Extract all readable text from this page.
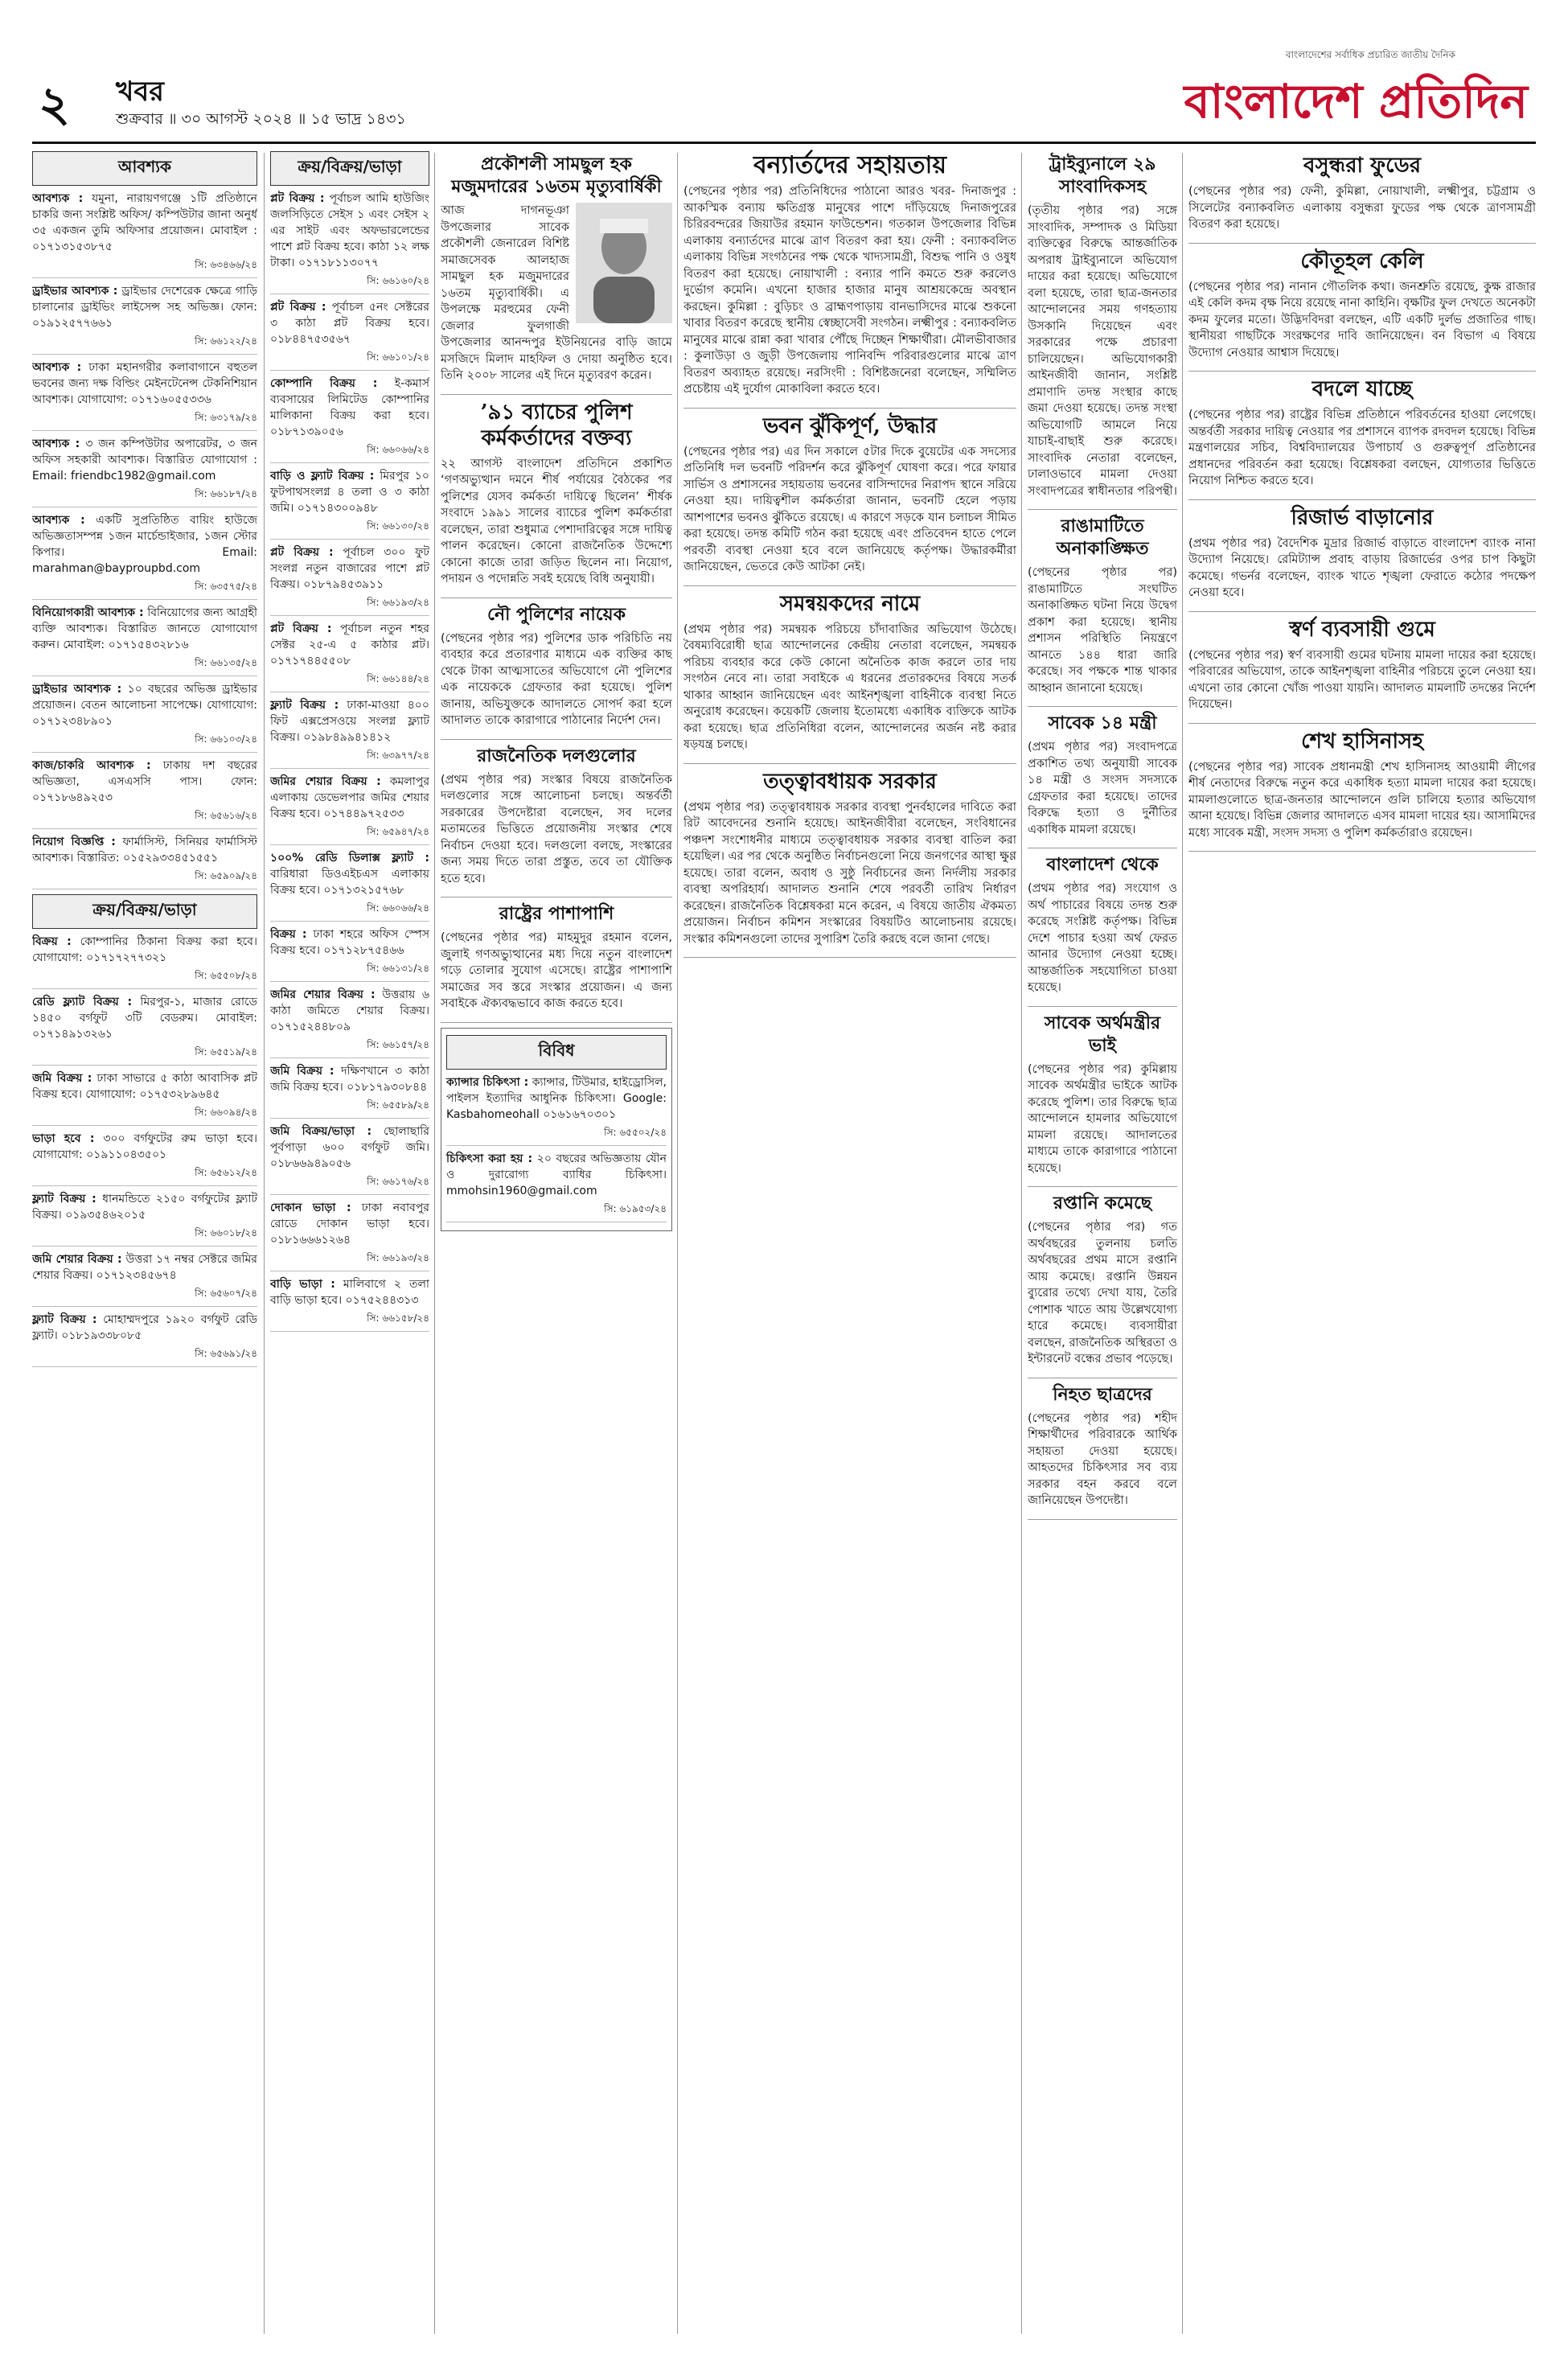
২ খবর
শুক্রবার ॥ ৩০ আগস্ট ২০২৪ ॥ ১৫ ভাদ্র ১৪৩১
বাংলাদেশের সর্বাধিক প্রচারিত জাতীয় দৈনিক
বাংলাদেশ প্রতিদিন
আবশ্যক

আবশ্যক : যমুনা, নারায়ণগঞ্জে ১টি প্রতিষ্ঠানে চাকরি জন্য সংশ্লিষ্ট অফিস/ কম্পিউটার জানা অনুর্ধ ৩৫ একজন তুমি অফিসার প্রয়োজন। মোবাইল : ০১৭১৩১৫৩৮৭৫

সি: ৬৩৪৬৬/২৪

ড্রাইভার আবশ্যক : ড্রাইভার দেশেরেক ক্ষেত্রে গাড়ি চালানোর ড্রাইভিং লাইসেন্স সহ অভিজ্ঞ। ফোন: ০১৯১২৫৭৭৬৬১

সি: ৬৬১২২/২৪

আবশ্যক : ঢাকা মহানগরীর কলাবাগানে বহুতল ভবনের জন্য দক্ষ বিল্ডিং মেইনটেনেন্স টেকনিশিয়ান আবশ্যক। যোগাযোগ: ০১৭১৬০৫৫৩৩৬

সি: ৬৩১৭৯/২৪

আবশ্যক : ৩ জন কম্পিউটার অপারেটর, ৩ জন অফিস সহকারী আবশ্যক। বিস্তারিত যোগাযোগ : Email: friendbc1982@gmail.com

সি: ৬৬১৮৭/২৪

আবশ্যক : একটি সুপ্রতিষ্ঠিত বায়িং হাউজে অভিজ্ঞতাসম্পন্ন ১জন মার্চেন্ডাইজার, ১জন স্টোর কিপার। Email: marahman@bayproupbd.com

সি: ৬৩৫৭৫/২৪

বিনিয়োগকারী আবশ্যক : বিনিয়োগের জন্য আগ্রহী ব্যক্তি আবশ্যক। বিস্তারিত জানতে যোগাযোগ করুন। মোবাইল: ০১৭১৫৪৩২৮১৬

সি: ৬৬১৩৫/২৪

ড্রাইভার আবশ্যক : ১০ বছরের অভিজ্ঞ ড্রাইভার প্রয়োজন। বেতন আলোচনা সাপেক্ষে। যোগাযোগ: ০১৭১২৩৪৮৯০১

সি: ৬৬১০৩/২৪

কাজ/চাকরি আবশ্যক : ঢাকায় দশ বছরের অভিজ্ঞতা, এসএসসি পাস। ফোন: ০১৭১৮৬৪৯২৫৩

সি: ৬৫৬১৬/২৪

নিয়োগ বিজ্ঞপ্তি : ফার্মাসিস্ট, সিনিয়র ফার্মাসিস্ট আবশ্যক। বিস্তারিত: ০১৫২৯৩৩৪৫১৫৫১

সি: ৬৫৯০৯/২৪
ক্রয়/বিক্রয়/ভাড়া

বিক্রয় : কোম্পানির ঠিকানা বিক্রয় করা হবে। যোগাযোগ: ০১৭১৭২৭৭৩২১

সি: ৬৫৫০৮/২৪

রেডি ফ্ল্যাট বিক্রয় : মিরপুর-১, মাজার রোডে ১৪৫০ বর্গফুট ৩টি বেডরুম। মোবাইল: ০১৭১৪৯১৩২৬১

সি: ৬৫৫১৯/২৪

জমি বিক্রয় : ঢাকা সাভারে ৫ কাঠা আবাসিক প্লট বিক্রয় হবে। যোগাযোগ: ০১৭৫৩২৮৯৬৪৫

সি: ৬৬০৯৪/২৪

ভাড়া হবে : ৩০০ বর্গফুটের রুম ভাড়া হবে। যোগাযোগ: ০১৯১১০৪৩৫০১

সি: ৬৫৬১২/২৪

ফ্ল্যাট বিক্রয় : ধানমন্ডিতে ২১৫০ বর্গফুটের ফ্ল্যাট বিক্রয়। ০১৯৩৫৪৬২০১৫

সি: ৬৬০১৮/২৪

জমি শেয়ার বিক্রয় : উত্তরা ১৭ নম্বর সেক্টরে জমির শেয়ার বিক্রয়। ০১৭১২৩৪৫৬৭৪

সি: ৬৫৬০৭/২৪

ফ্ল্যাট বিক্রয় : মোহাম্মদপুরে ১৯২০ বর্গফুট রেডি ফ্ল্যাট। ০১৮১৯৩৩৮০৮৫

সি: ৬৫৬৯১/২৪
ক্রয়/বিক্রয়/ভাড়া

প্লট বিক্রয় : পূর্বাচল আমি হাউজিং জলসিড়িতে সেইস ১ এবং সেইস ২ এর সাইট এবং অফভারলেন্ডের পাশে প্লট বিক্রয় হবে। কাঠা ১২ লক্ষ টাকা। ০১৭১৮১১৩০৭৭

সি: ৬৬১৬০/২৪

প্লট বিক্রয় : পূর্বাচল ৫নং সেক্টরের ৩ কাঠা প্লট বিক্রয় হবে। ০১৮৪৪৭৫৩৫৬৭

সি: ৬৬১০১/২৪

কোম্পানি বিক্রয় : ই-কমার্স ব্যবসায়ের লিমিটেড কোম্পানির মালিকানা বিক্রয় করা হবে। ০১৮৭১৩৯০৫৬

সি: ৬৬০৬৬/২৪

বাড়ি ও ফ্ল্যাট বিক্রয় : মিরপুর ১০ ফুটপাথসংলগ্ন ৪ তলা ও ৩ কাঠা জমি। ০১৭১৪৩০০৯৪৮

সি: ৬৬১৩০/২৪

প্লট বিক্রয় : পূর্বাচল ৩০০ ফুট সংলগ্ন নতুন বাজারের পাশে প্লট বিক্রয়। ০১৮৭৯৪৫৩৯১১

সি: ৬৬১৯৩/২৪

প্লট বিক্রয় : পূর্বাচল নতুন শহর সেক্টর ২৫-এ ৫ কাঠার প্লট। ০১৭১৭৪৪৫৫০৮

সি: ৬৬১৪৪/২৪

ফ্ল্যাট বিক্রয় : ঢাকা-মাওয়া ৪০০ ফিট এক্সপ্রেসওয়ে সংলগ্ন ফ্ল্যাট বিক্রয়। ০১৯৮৪৯৯৪১৪১২

সি: ৬৩৯৭৭/২৪

জমির শেয়ার বিক্রয় : কমলাপুর এলাকায় ডেভেলপার জমির শেয়ার বিক্রয় হবে। ০১৭৪৪৯৭২৫৩৩

সি: ৬৫৯৪৭/২৪

১০০% রেডি ডিলাক্স ফ্ল্যাট : বারিধারা ডিওএইচএস এলাকায় বিক্রয় হবে। ০১৭১৩২১৫৭৬৮

সি: ৬৬০৬৬/২৪

বিক্রয় : ঢাকা শহরে অফিস স্পেস বিক্রয় হবে। ০১৭১২৮৭৫৪৬৬

সি: ৬৬১৩১/২৪

জমির শেয়ার বিক্রয় : উত্তরায় ৬ কাঠা জমিতে শেয়ার বিক্রয়। ০১৭১৫২৪৪৮০৯

সি: ৬৬১৫৭/২৪

জমি বিক্রয় : দক্ষিণখানে ৩ কাঠা জমি বিক্রয় হবে। ০১৮১৭৯৩০৮৪৪

সি: ৬৫৫৮৯/২৪

জমি বিক্রয়/ভাড়া : ছোলাছারি পূর্বপাড়া ৬০০ বর্গফুট জমি। ০১৮৬৬৯৪৯০৫৬

সি: ৬৬১৭৬/২৪

দোকান ভাড়া : ঢাকা নবাবপুর রোডে দোকান ভাড়া হবে। ০১৮১৬৬৬১২৬৪

সি: ৬৬১৯৩/২৪

বাড়ি ভাড়া : মালিবাগে ২ তলা বাড়ি ভাড়া হবে। ০১৭৫২৪৪৩১৩

সি: ৬৬১৫৮/২৪
প্রকৌশলী সামছুল হক মজুমদারের ১৬তম মৃত্যুবার্ষিকী

আজ দাগনভূঞা উপজেলার সাবেক প্রকৌশলী জেনারেল বিশিষ্ট সমাজসেবক আলহাজ সামছুল হক মজুমদারের ১৬তম মৃত্যুবার্ষিকী। এ উপলক্ষে মরহুমের ফেনী জেলার ফুলগাজী উপজেলার আনন্দপুর ইউনিয়নের বাড়ি জামে মসজিদে মিলাদ মাহফিল ও দোয়া অনুষ্ঠিত হবে। তিনি ২০০৮ সালের এই দিনে মৃত্যুবরণ করেন।

’৯১ ব্যাচের পুলিশ কর্মকর্তাদের বক্তব্য

২২ আগস্ট বাংলাদেশ প্রতিদিনে প্রকাশিত ‘গণঅভ্যুত্থান দমনে শীর্ষ পর্যায়ের বৈঠকের পর পুলিশের যেসব কর্মকর্তা দায়িত্বে ছিলেন’ শীর্ষক সংবাদে ১৯৯১ সালের ব্যাচের পুলিশ কর্মকর্তারা বলেছেন, তারা শুধুমাত্র পেশাদারিত্বের সঙ্গে দায়িত্ব পালন করেছেন। কোনো রাজনৈতিক উদ্দেশ্যে কোনো কাজে তারা জড়িত ছিলেন না। নিয়োগ, পদায়ন ও পদোন্নতি সবই হয়েছে বিধি অনুযায়ী।

নৌ পুলিশের নায়েক

(পেছনের পৃষ্ঠার পর) পুলিশের ডাক পরিচিতি নয় ব্যবহার করে প্রতারণার মাধ্যমে এক ব্যক্তির কাছ থেকে টাকা আত্মসাতের অভিযোগে নৌ পুলিশের এক নায়েককে গ্রেফতার করা হয়েছে। পুলিশ জানায়, অভিযুক্তকে আদালতে সোপর্দ করা হলে আদালত তাকে কারাগারে পাঠানোর নির্দেশ দেন।

রাজনৈতিক দলগুলোর

(প্রথম পৃষ্ঠার পর) সংস্কার বিষয়ে রাজনৈতিক দলগুলোর সঙ্গে আলোচনা চলছে। অন্তর্বর্তী সরকারের উপদেষ্টারা বলেছেন, সব দলের মতামতের ভিত্তিতে প্রয়োজনীয় সংস্কার শেষে নির্বাচন দেওয়া হবে। দলগুলো বলছে, সংস্কারের জন্য সময় দিতে তারা প্রস্তুত, তবে তা যৌক্তিক হতে হবে।

রাষ্ট্রের পাশাপাশি

(পেছনের পৃষ্ঠার পর) মাহমুদুর রহমান বলেন, জুলাই গণঅভ্যুত্থানের মধ্য দিয়ে নতুন বাংলাদেশ গড়ে তোলার সুযোগ এসেছে। রাষ্ট্রের পাশাপাশি সমাজের সব স্তরে সংস্কার প্রয়োজন। এ জন্য সবাইকে ঐক্যবদ্ধভাবে কাজ করতে হবে।

বিবিধ

ক্যান্সার চিকিৎসা : ক্যান্সার, টিউমার, হাইড্রোসিল, পাইলস ইত্যাদির আধুনিক চিকিৎসা। Google: Kasbahomeohall ০১৬১৬৭০৩০১

সি: ৬৫৫০২/২৪

চিকিৎসা করা হয় : ২০ বছরের অভিজ্ঞতায় যৌন ও দুরারোগ্য ব্যাধির চিকিৎসা। mmohsin1960@gmail.com

সি: ৬১৯৫৩/২৪
বন্যার্তদের সহায়তায়

(পেছনের পৃষ্ঠার পর) প্রতিনিধিদের পাঠানো আরও খবর- দিনাজপুর : আকস্মিক বন্যায় ক্ষতিগ্রস্ত মানুষের পাশে দাঁড়িয়েছে দিনাজপুরের চিরিরবন্দরের জিয়াউর রহমান ফাউন্ডেশন। গতকাল উপজেলার বিভিন্ন এলাকায় বন্যার্তদের মাঝে ত্রাণ বিতরণ করা হয়। ফেনী : বন্যাকবলিত এলাকায় বিভিন্ন সংগঠনের পক্ষ থেকে খাদ্যসামগ্রী, বিশুদ্ধ পানি ও ওষুধ বিতরণ করা হয়েছে। নোয়াখালী : বন্যার পানি কমতে শুরু করলেও দুর্ভোগ কমেনি। এখনো হাজার হাজার মানুষ আশ্রয়কেন্দ্রে অবস্থান করছেন। কুমিল্লা : বুড়িচং ও ব্রাহ্মণপাড়ায় বানভাসিদের মাঝে শুকনো খাবার বিতরণ করেছে স্থানীয় স্বেচ্ছাসেবী সংগঠন। লক্ষ্মীপুর : বন্যাকবলিত মানুষের মাঝে রান্না করা খাবার পৌঁছে দিচ্ছেন শিক্ষার্থীরা। মৌলভীবাজার : কুলাউড়া ও জুড়ী উপজেলায় পানিবন্দি পরিবারগুলোর মাঝে ত্রাণ বিতরণ অব্যাহত রয়েছে। নরসিংদী : বিশিষ্টজনেরা বলেছেন, সম্মিলিত প্রচেষ্টায় এই দুর্যোগ মোকাবিলা করতে হবে।

ভবন ঝুঁকিপূর্ণ, উদ্ধার

(পেছনের পৃষ্ঠার পর) এর দিন সকালে ৫টার দিকে বুয়েটের এক সদস্যের প্রতিনিধি দল ভবনটি পরিদর্শন করে ঝুঁকিপূর্ণ ঘোষণা করে। পরে ফায়ার সার্ভিস ও প্রশাসনের সহায়তায় ভবনের বাসিন্দাদের নিরাপদ স্থানে সরিয়ে নেওয়া হয়। দায়িত্বশীল কর্মকর্তারা জানান, ভবনটি হেলে পড়ায় আশপাশের ভবনও ঝুঁকিতে রয়েছে। এ কারণে সড়কে যান চলাচল সীমিত করা হয়েছে। তদন্ত কমিটি গঠন করা হয়েছে এবং প্রতিবেদন হাতে পেলে পরবর্তী ব্যবস্থা নেওয়া হবে বলে জানিয়েছে কর্তৃপক্ষ। উদ্ধারকর্মীরা জানিয়েছেন, ভেতরে কেউ আটকা নেই।

সমন্বয়কদের নামে

(প্রথম পৃষ্ঠার পর) সমন্বয়ক পরিচয়ে চাঁদাবাজির অভিযোগ উঠেছে। বৈষম্যবিরোধী ছাত্র আন্দোলনের কেন্দ্রীয় নেতারা বলেছেন, সমন্বয়ক পরিচয় ব্যবহার করে কেউ কোনো অনৈতিক কাজ করলে তার দায় সংগঠন নেবে না। তারা সবাইকে এ ধরনের প্রতারকদের বিষয়ে সতর্ক থাকার আহ্বান জানিয়েছেন এবং আইনশৃঙ্খলা বাহিনীকে ব্যবস্থা নিতে অনুরোধ করেছেন। কয়েকটি জেলায় ইতোমধ্যে একাধিক ব্যক্তিকে আটক করা হয়েছে। ছাত্র প্রতিনিধিরা বলেন, আন্দোলনের অর্জন নষ্ট করার ষড়যন্ত্র চলছে।

তত্ত্বাবধায়ক সরকার

(প্রথম পৃষ্ঠার পর) তত্ত্বাবধায়ক সরকার ব্যবস্থা পুনর্বহালের দাবিতে করা রিট আবেদনের শুনানি হয়েছে। আইনজীবীরা বলেছেন, সংবিধানের পঞ্চদশ সংশোধনীর মাধ্যমে তত্ত্বাবধায়ক সরকার ব্যবস্থা বাতিল করা হয়েছিল। এর পর থেকে অনুষ্ঠিত নির্বাচনগুলো নিয়ে জনগণের আস্থা ক্ষুণ্ণ হয়েছে। তারা বলেন, অবাধ ও সুষ্ঠু নির্বাচনের জন্য নির্দলীয় সরকার ব্যবস্থা অপরিহার্য। আদালত শুনানি শেষে পরবর্তী তারিখ নির্ধারণ করেছেন। রাজনৈতিক বিশ্লেষকরা মনে করেন, এ বিষয়ে জাতীয় ঐকমত্য প্রয়োজন। নির্বাচন কমিশন সংস্কারের বিষয়টিও আলোচনায় রয়েছে। সংস্কার কমিশনগুলো তাদের সুপারিশ তৈরি করছে বলে জানা গেছে।

ট্রাইব্যুনালে ২৯ সাংবাদিকসহ

(তৃতীয় পৃষ্ঠার পর) সঙ্গে সাংবাদিক, সম্পাদক ও মিডিয়া ব্যক্তিত্বের বিরুদ্ধে আন্তর্জাতিক অপরাধ ট্রাইব্যুনালে অভিযোগ দায়ের করা হয়েছে। অভিযোগে বলা হয়েছে, তারা ছাত্র-জনতার আন্দোলনের সময় গণহত্যায় উসকানি দিয়েছেন এবং সরকারের পক্ষে প্রচারণা চালিয়েছেন। অভিযোগকারী আইনজীবী জানান, সংশ্লিষ্ট প্রমাণাদি তদন্ত সংস্থার কাছে জমা দেওয়া হয়েছে। তদন্ত সংস্থা অভিযোগটি আমলে নিয়ে যাচাই-বাছাই শুরু করেছে। সাংবাদিক নেতারা বলেছেন, ঢালাওভাবে মামলা দেওয়া সংবাদপত্রের স্বাধীনতার পরিপন্থী।

রাঙামাটিতে অনাকাঙ্ক্ষিত

(পেছনের পৃষ্ঠার পর) রাঙামাটিতে সংঘটিত অনাকাঙ্ক্ষিত ঘটনা নিয়ে উদ্বেগ প্রকাশ করা হয়েছে। স্থানীয় প্রশাসন পরিস্থিতি নিয়ন্ত্রণে আনতে ১৪৪ ধারা জারি করেছে। সব পক্ষকে শান্ত থাকার আহ্বান জানানো হয়েছে।

সাবেক ১৪ মন্ত্রী

(প্রথম পৃষ্ঠার পর) সংবাদপত্রে প্রকাশিত তথ্য অনুযায়ী সাবেক ১৪ মন্ত্রী ও সংসদ সদস্যকে গ্রেফতার করা হয়েছে। তাদের বিরুদ্ধে হত্যা ও দুর্নীতির একাধিক মামলা রয়েছে।

বাংলাদেশ থেকে

(প্রথম পৃষ্ঠার পর) সংযোগ ও অর্থ পাচারের বিষয়ে তদন্ত শুরু করেছে সংশ্লিষ্ট কর্তৃপক্ষ। বিভিন্ন দেশে পাচার হওয়া অর্থ ফেরত আনার উদ্যোগ নেওয়া হচ্ছে। আন্তর্জাতিক সহযোগিতা চাওয়া হয়েছে।

সাবেক অর্থমন্ত্রীর ভাই

(পেছনের পৃষ্ঠার পর) কুমিল্লায় সাবেক অর্থমন্ত্রীর ভাইকে আটক করেছে পুলিশ। তার বিরুদ্ধে ছাত্র আন্দোলনে হামলার অভিযোগে মামলা রয়েছে। আদালতের মাধ্যমে তাকে কারাগারে পাঠানো হয়েছে।

রপ্তানি কমেছে

(পেছনের পৃষ্ঠার পর) গত অর্থবছরের তুলনায় চলতি অর্থবছরের প্রথম মাসে রপ্তানি আয় কমেছে। রপ্তানি উন্নয়ন ব্যুরোর তথ্যে দেখা যায়, তৈরি পোশাক খাতে আয় উল্লেখযোগ্য হারে কমেছে। ব্যবসায়ীরা বলছেন, রাজনৈতিক অস্থিরতা ও ইন্টারনেট বন্ধের প্রভাব পড়েছে।

নিহত ছাত্রদের

(পেছনের পৃষ্ঠার পর) শহীদ শিক্ষার্থীদের পরিবারকে আর্থিক সহায়তা দেওয়া হয়েছে। আহতদের চিকিৎসার সব ব্যয় সরকার বহন করবে বলে জানিয়েছেন উপদেষ্টা।

বসুন্ধরা ফুডের

(পেছনের পৃষ্ঠার পর) ফেনী, কুমিল্লা, নোয়াখালী, লক্ষ্মীপুর, চট্টগ্রাম ও সিলেটের বন্যাকবলিত এলাকায় বসুন্ধরা ফুডের পক্ষ থেকে ত্রাণসামগ্রী বিতরণ করা হয়েছে।

কৌতূহল কেলি

(পেছনের পৃষ্ঠার পর) নানান গৌতলিক কথা। জনশ্রুতি রয়েছে, কুক্ষ রাজার এই কেলি কদম বৃক্ষ নিয়ে রয়েছে নানা কাহিনি। বৃক্ষটির ফুল দেখতে অনেকটা কদম ফুলের মতো। উদ্ভিদবিদরা বলছেন, এটি একটি দুর্লভ প্রজাতির গাছ। স্থানীয়রা গাছটিকে সংরক্ষণের দাবি জানিয়েছেন। বন বিভাগ এ বিষয়ে উদ্যোগ নেওয়ার আশ্বাস দিয়েছে।

বদলে যাচ্ছে

(পেছনের পৃষ্ঠার পর) রাষ্ট্রের বিভিন্ন প্রতিষ্ঠানে পরিবর্তনের হাওয়া লেগেছে। অন্তর্বর্তী সরকার দায়িত্ব নেওয়ার পর প্রশাসনে ব্যাপক রদবদল হয়েছে। বিভিন্ন মন্ত্রণালয়ের সচিব, বিশ্ববিদ্যালয়ের উপাচার্য ও গুরুত্বপূর্ণ প্রতিষ্ঠানের প্রধানদের পরিবর্তন করা হয়েছে। বিশ্লেষকরা বলছেন, যোগ্যতার ভিত্তিতে নিয়োগ নিশ্চিত করতে হবে।

রিজার্ভ বাড়ানোর

(প্রথম পৃষ্ঠার পর) বৈদেশিক মুদ্রার রিজার্ভ বাড়াতে বাংলাদেশ ব্যাংক নানা উদ্যোগ নিয়েছে। রেমিট্যান্স প্রবাহ বাড়ায় রিজার্ভের ওপর চাপ কিছুটা কমেছে। গভর্নর বলেছেন, ব্যাংক খাতে শৃঙ্খলা ফেরাতে কঠোর পদক্ষেপ নেওয়া হবে।

স্বর্ণ ব্যবসায়ী গুমে

(পেছনের পৃষ্ঠার পর) স্বর্ণ ব্যবসায়ী গুমের ঘটনায় মামলা দায়ের করা হয়েছে। পরিবারের অভিযোগ, তাকে আইনশৃঙ্খলা বাহিনীর পরিচয়ে তুলে নেওয়া হয়। এখনো তার কোনো খোঁজ পাওয়া যায়নি। আদালত মামলাটি তদন্তের নির্দেশ দিয়েছেন।

শেখ হাসিনাসহ

(পেছনের পৃষ্ঠার পর) সাবেক প্রধানমন্ত্রী শেখ হাসিনাসহ আওয়ামী লীগের শীর্ষ নেতাদের বিরুদ্ধে নতুন করে একাধিক হত্যা মামলা দায়ের করা হয়েছে। মামলাগুলোতে ছাত্র-জনতার আন্দোলনে গুলি চালিয়ে হত্যার অভিযোগ আনা হয়েছে। বিভিন্ন জেলার আদালতে এসব মামলা দায়ের হয়। আসামিদের মধ্যে সাবেক মন্ত্রী, সংসদ সদস্য ও পুলিশ কর্মকর্তারাও রয়েছেন।
